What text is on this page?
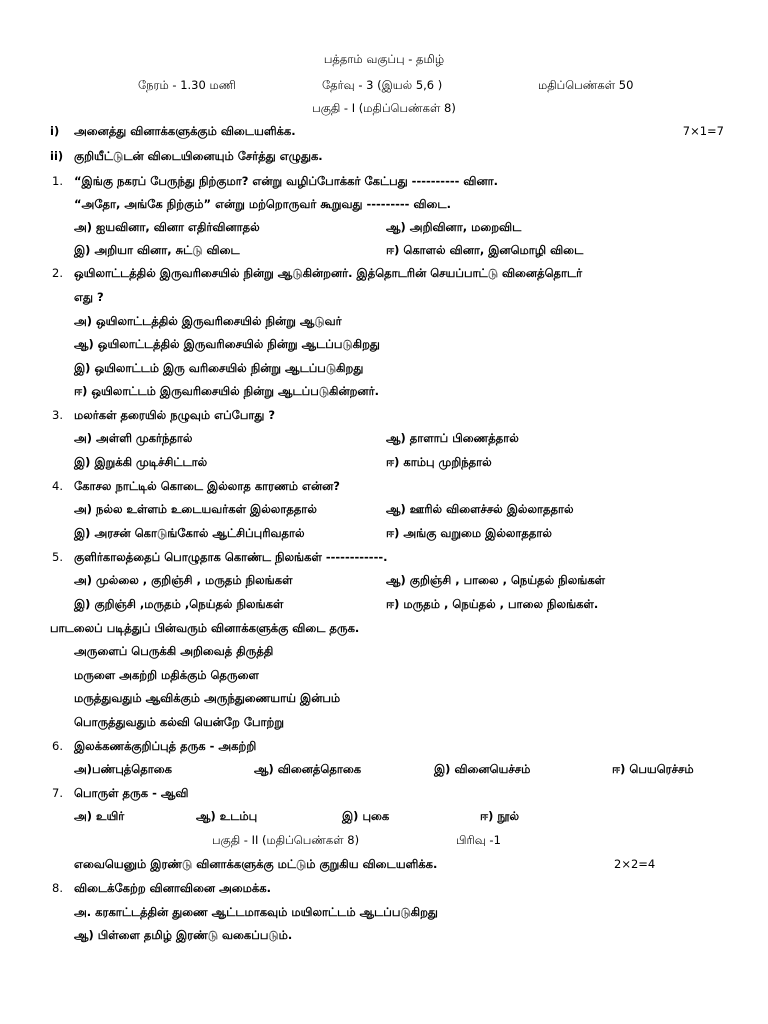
பத்தாம் வகுப்பு - தமிழ்
நேரம் - 1.30 மணி	தேர்வு - 3 (இயல் 5,6 )	மதிப்பெண்கள் 50
பகுதி - I (மதிப்பெண்கள் 8)
i) அனைத்து வினாக்களுக்கும் விடையளிக்க.	7×1=7
ii) குறியீட்டுடன் விடையினையும் சேர்த்து எழுதுக.
1. “இங்கு நகரப் பேருந்து நிற்குமா? என்று வழிப்போக்கர் கேட்பது ---------- வினா.
“அதோ, அங்கே நிற்கும்” என்று மற்றொருவர் கூறுவது --------- விடை.
அ) ஐயவினா, வினா எதிர்வினாதல்	ஆ) அறிவினா, மறைவிட
இ) அறியா வினா, சுட்டு விடை	ஈ) கொளல் வினா, இனமொழி விடை
2. ஒயிலாட்டத்தில் இருவரிசையில் நின்று ஆடுகின்றனர். இத்தொடரின் செயப்பாட்டு வினைத்தொடர்
எது ?
அ) ஒயிலாட்டத்தில் இருவரிசையில் நின்று ஆடுவர்
ஆ) ஒயிலாட்டத்தில் இருவரிசையில் நின்று ஆடப்படுகிறது
இ) ஒயிலாட்டம் இரு வரிசையில் நின்று ஆடப்படுகிறது
ஈ) ஒயிலாட்டம் இருவரிசையில் நின்று ஆடப்படுகின்றனர்.
3. மலர்கள் தரையில் நழுவும் எப்போது ?
அ) அள்ளி முகர்ந்தால்	ஆ) தாளாப் பிணைத்தால்
இ) இறுக்கி முடிச்சிட்டால்	ஈ) காம்பு முறிந்தால்
4. கோசல நாட்டில் கொடை இல்லாத காரணம் என்ன?
அ) நல்ல உள்ளம் உடையவர்கள் இல்லாததால்	ஆ) ஊரில் விளைச்சல் இல்லாததால்
இ) அரசன் கொடுங்கோல் ஆட்சிப்புரிவதால்	ஈ) அங்கு வறுமை இல்லாததால்
5. குளிர்காலத்தைப் பொழுதாக கொண்ட நிலங்கள் ------------.
அ) முல்லை , குறிஞ்சி , மருதம் நிலங்கள்	ஆ) குறிஞ்சி , பாலை , நெய்தல் நிலங்கள்
இ) குறிஞ்சி ,மருதம் ,நெய்தல் நிலங்கள்	ஈ) மருதம் , நெய்தல் , பாலை நிலங்கள்.
பாடலைப் படித்துப் பின்வரும் வினாக்களுக்கு விடை தருக.
அருளைப் பெருக்கி அறிவைத் திருத்தி
மருளை அகற்றி மதிக்கும் தெருளை
மருத்துவதும் ஆவிக்கும் அருந்துணையாய் இன்பம்
பொருத்துவதும் கல்வி யென்றே போற்று
6. இலக்கணக்குறிப்புத் தருக - அகற்றி
அ)பண்புத்தொகை	ஆ) வினைத்தொகை	இ) வினையெச்சம்	ஈ) பெயரெச்சம்
7. பொருள் தருக - ஆவி
அ) உயிர்	ஆ) உடம்பு	இ) புகை	ஈ) நூல்
பகுதி - II (மதிப்பெண்கள் 8)	பிரிவு -1
எவையெனும் இரண்டு வினாக்களுக்கு மட்டும் குறுகிய விடையளிக்க.	2×2=4
8. விடைக்கேற்ற வினாவினை அமைக்க.
அ. கரகாட்டத்தின் துணை ஆட்டமாகவும் மயிலாட்டம் ஆடப்படுகிறது
ஆ) பிள்ளை தமிழ் இரண்டு வகைப்படும்.
